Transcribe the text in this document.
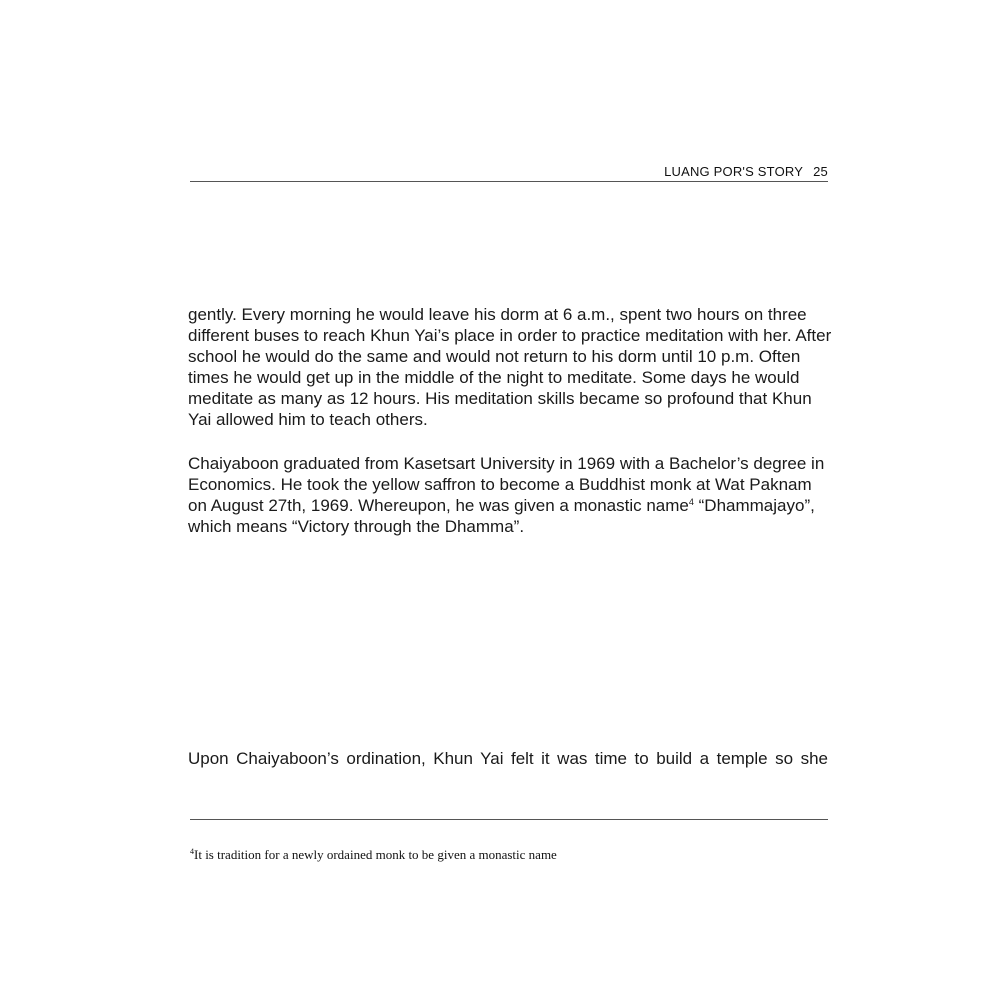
LUANG POR'S STORY 25

gently. Every morning he would leave his dorm at 6 a.m., spent two hours on three
different buses to reach Khun Yai’s place in order to practice meditation with her. After
school he would do the same and would not return to his dorm until 10 p.m. Often
times he would get up in the middle of the night to meditate. Some days he would
meditate as many as 12 hours. His meditation skills became so profound that Khun
Yai allowed him to teach others.

Chaiyaboon graduated from Kasetsart University in 1969 with a Bachelor’s degree in
Economics. He took the yellow saffron to become a Buddhist monk at Wat Paknam
on August 27th, 1969. Whereupon, he was given a monastic name$^4$ “Dhammajayo”,
which means “Victory through the Dhamma”.

Upon Chaiyaboon’s ordination, Khun Yai felt it was time to build a temple so she

$^4$It is tradition for a newly ordained monk to be given a monastic name
